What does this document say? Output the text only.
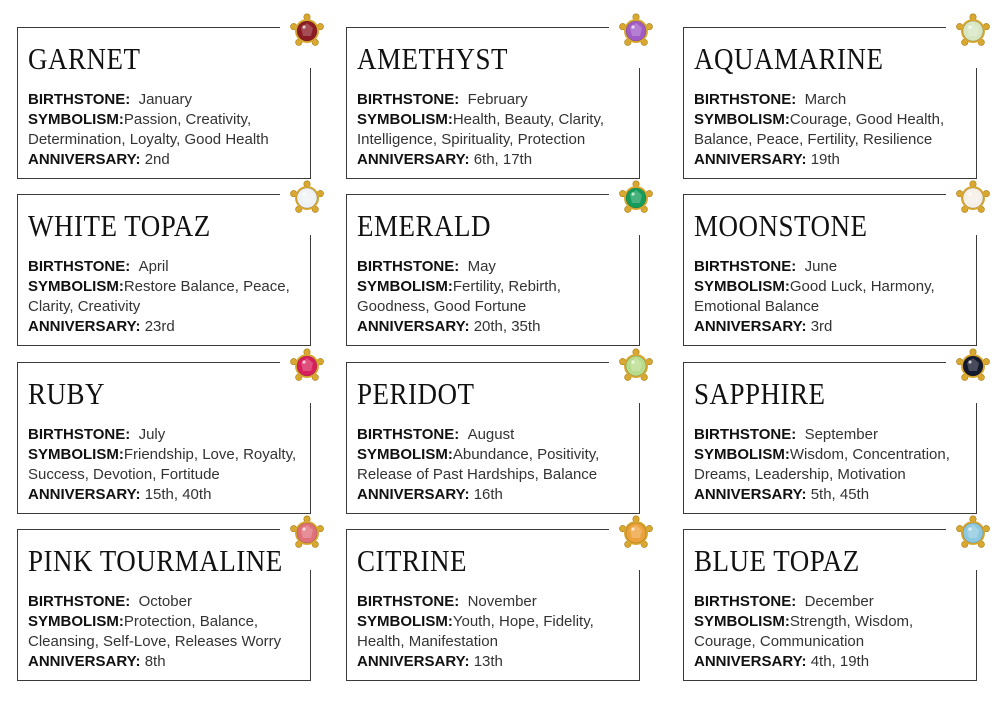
GARNET
BIRTHSTONE: January
SYMBOLISM:Passion, Creativity, Determination, Loyalty, Good Health
ANNIVERSARY: 2nd
AMETHYST
BIRTHSTONE: February
SYMBOLISM:Health, Beauty, Clarity, Intelligence, Spirituality, Protection
ANNIVERSARY: 6th, 17th
AQUAMARINE
BIRTHSTONE: March
SYMBOLISM:Courage, Good Health, Balance, Peace, Fertility, Resilience
ANNIVERSARY: 19th
WHITE TOPAZ
BIRTHSTONE: April
SYMBOLISM:Restore Balance, Peace, Clarity, Creativity
ANNIVERSARY: 23rd
EMERALD
BIRTHSTONE: May
SYMBOLISM:Fertility, Rebirth, Goodness, Good Fortune
ANNIVERSARY: 20th, 35th
MOONSTONE
BIRTHSTONE: June
SYMBOLISM:Good Luck, Harmony, Emotional Balance
ANNIVERSARY: 3rd
RUBY
BIRTHSTONE: July
SYMBOLISM:Friendship, Love, Royalty, Success, Devotion, Fortitude
ANNIVERSARY: 15th, 40th
PERIDOT
BIRTHSTONE: August
SYMBOLISM:Abundance, Positivity, Release of Past Hardships, Balance
ANNIVERSARY: 16th
SAPPHIRE
BIRTHSTONE: September
SYMBOLISM:Wisdom, Concentration, Dreams, Leadership, Motivation
ANNIVERSARY: 5th, 45th
PINK TOURMALINE
BIRTHSTONE: October
SYMBOLISM:Protection, Balance, Cleansing, Self-Love, Releases Worry
ANNIVERSARY: 8th
CITRINE
BIRTHSTONE: November
SYMBOLISM:Youth, Hope, Fidelity, Health, Manifestation
ANNIVERSARY: 13th
BLUE TOPAZ
BIRTHSTONE: December
SYMBOLISM:Strength, Wisdom, Courage, Communication
ANNIVERSARY: 4th, 19th
